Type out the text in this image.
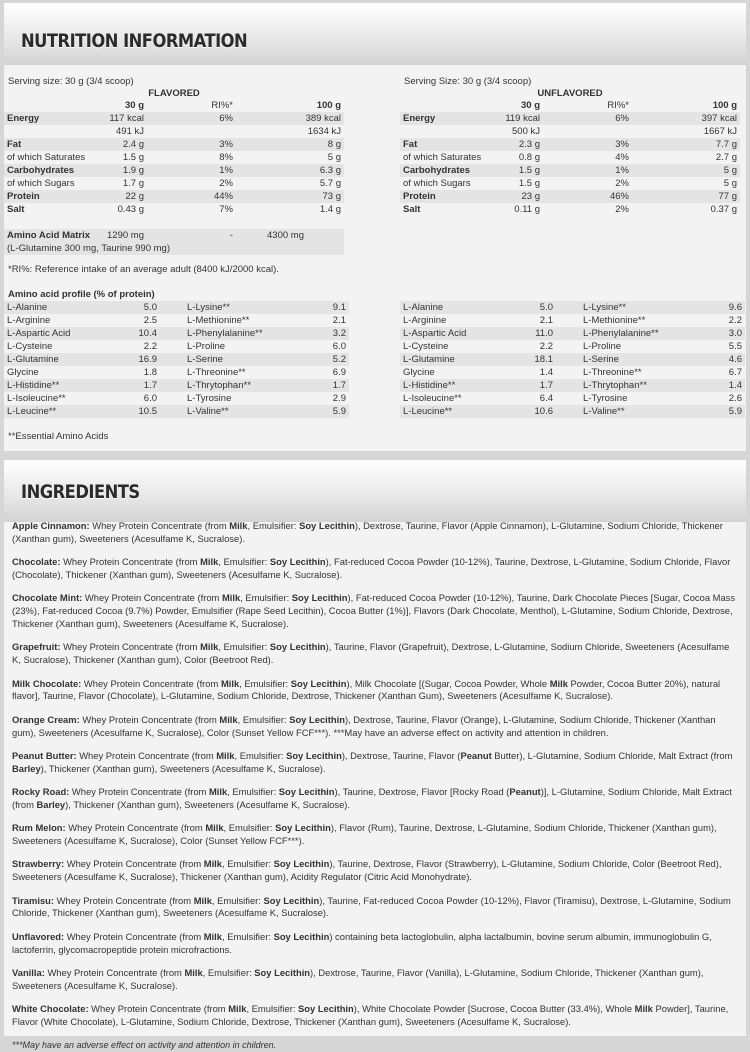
NUTRITION INFORMATION
Serving size: 30 g (3/4 scoop)
FLAVORED
30 g	RI%*	100 g
Energy	117 kcal	6%	389 kcal
491 kJ	1634 kJ
Fat	2.4 g	3%	8 g
of which Saturates	1.5 g	8%	5 g
Carbohydrates	1.9 g	1%	6.3 g
of which Sugars	1.7 g	2%	5.7 g
Protein	22 g	44%	73 g
Salt	0.43 g	7%	1.4 g
Serving Size: 30 g (3/4 scoop)
UNFLAVORED
30 g	RI%*	100 g
Energy	119 kcal	6%	397 kcal
500 kJ	1667 kJ
Fat	2.3 g	3%	7.7 g
of which Saturates	0.8 g	4%	2.7 g
Carbohydrates	1.5 g	1%	5 g
of which Sugars	1.5 g	2%	5 g
Protein	23 g	46%	77 g
Salt	0.11 g	2%	0.37 g
Amino Acid Matrix 1290 mg	-	4300 mg
(L-Glutamine 300 mg, Taurine 990 mg)
*RI%: Reference intake of an average adult (8400 kJ/2000 kcal).
Amino acid profile (% of protein)
L-Alanine	5.0	L-Lysine**	9.1
L-Arginine	2.5	L-Methionine**	2.1
L-Aspartic Acid	10.4	L-Phenylalanine**	3.2
L-Cysteine	2.2	L-Proline	6.0
L-Glutamine	16.9	L-Serine	5.2
Glycine	1.8	L-Threonine**	6.9
L-Histidine**	1.7	L-Thrytophan**	1.7
L-Isoleucine**	6.0	L-Tyrosine	2.9
L-Leucine**	10.5	L-Valine**	5.9
L-Alanine	5.0	L-Lysine**	9.6
L-Arginine	2.1	L-Methionine**	2.2
L-Aspartic Acid	11.0	L-Phenylalanine**	3.0
L-Cysteine	2.2	L-Proline	5.5
L-Glutamine	18.1	L-Serine	4.6
Glycine	1.4	L-Threonine**	6.7
L-Histidine**	1.7	L-Thrytophan**	1.4
L-Isoleucine**	6.4	L-Tyrosine	2.6
L-Leucine**	10.6	L-Valine**	5.9
**Essential Amino Acids
INGREDIENTS
Apple Cinnamon: Whey Protein Concentrate (from Milk, Emulsifier: Soy Lecithin), Dextrose, Taurine, Flavor (Apple Cinnamon), L-Glutamine, Sodium Chloride, Thickener (Xanthan gum), Sweeteners (Acesulfame K, Sucralose).
Chocolate: Whey Protein Concentrate (from Milk, Emulsifier: Soy Lecithin), Fat-reduced Cocoa Powder (10-12%), Taurine, Dextrose, L-Glutamine, Sodium Chloride, Flavor (Chocolate), Thickener (Xanthan gum), Sweeteners (Acesulfame K, Sucralose).
Chocolate Mint: Whey Protein Concentrate (from Milk, Emulsifier: Soy Lecithin), Fat-reduced Cocoa Powder (10-12%), Taurine, Dark Chocolate Pieces [Sugar, Cocoa Mass (23%), Fat-reduced Cocoa (9.7%) Powder, Emulsifier (Rape Seed Lecithin), Cocoa Butter (1%)], Flavors (Dark Chocolate, Menthol), L-Glutamine, Sodium Chloride, Dextrose, Thickener (Xanthan gum), Sweeteners (Acesulfame K, Sucralose).
Grapefruit: Whey Protein Concentrate (from Milk, Emulsifier: Soy Lecithin), Taurine, Flavor (Grapefruit), Dextrose, L-Glutamine, Sodium Chloride, Sweeteners (Acesulfame K, Sucralose), Thickener (Xanthan gum), Color (Beetroot Red).
Milk Chocolate: Whey Protein Concentrate (from Milk, Emulsifier: Soy Lecithin), Milk Chocolate [(Sugar, Cocoa Powder, Whole Milk Powder, Cocoa Butter 20%), natural flavor], Taurine, Flavor (Chocolate), L-Glutamine, Sodium Chloride, Dextrose, Thickener (Xanthan Gum), Sweeteners (Acesulfame K, Sucralose).
Orange Cream: Whey Protein Concentrate (from Milk, Emulsifier: Soy Lecithin), Dextrose, Taurine, Flavor (Orange), L-Glutamine, Sodium Chloride, Thickener (Xanthan gum), Sweeteners (Acesulfame K, Sucralose), Color (Sunset Yellow FCF***). ***May have an adverse effect on activity and attention in children.
Peanut Butter: Whey Protein Concentrate (from Milk, Emulsifier: Soy Lecithin), Dextrose, Taurine, Flavor (Peanut Butter), L-Glutamine, Sodium Chloride, Malt Extract (from Barley), Thickener (Xanthan gum), Sweeteners (Acesulfame K, Sucralose).
Rocky Road: Whey Protein Concentrate (from Milk, Emulsifier: Soy Lecithin), Taurine, Dextrose, Flavor [Rocky Road (Peanut)], L-Glutamine, Sodium Chloride, Malt Extract (from Barley), Thickener (Xanthan gum), Sweeteners (Acesulfame K, Sucralose).
Rum Melon: Whey Protein Concentrate (from Milk, Emulsifier: Soy Lecithin), Flavor (Rum), Taurine, Dextrose, L-Glutamine, Sodium Chloride, Thickener (Xanthan gum), Sweeteners (Acesulfame K, Sucralose), Color (Sunset Yellow FCF***).
Strawberry: Whey Protein Concentrate (from Milk, Emulsifier: Soy Lecithin), Taurine, Dextrose, Flavor (Strawberry), L-Glutamine, Sodium Chloride, Color (Beetroot Red), Sweeteners (Acesulfame K, Sucralose), Thickener (Xanthan gum), Acidity Regulator (Citric Acid Monohydrate).
Tiramisu: Whey Protein Concentrate (from Milk, Emulsifier: Soy Lecithin), Taurine, Fat-reduced Cocoa Powder (10-12%), Flavor (Tiramisu), Dextrose, L-Glutamine, Sodium Chloride, Thickener (Xanthan gum), Sweeteners (Acesulfame K, Sucralose).
Unflavored: Whey Protein Concentrate (from Milk, Emulsifier: Soy Lecithin) containing beta lactoglobulin, alpha lactalbumin, bovine serum albumin, immunoglobulin G, lactoferrin, glycomacropeptide protein microfractions.
Vanilla: Whey Protein Concentrate (from Milk, Emulsifier: Soy Lecithin), Dextrose, Taurine, Flavor (Vanilla), L-Glutamine, Sodium Chloride, Thickener (Xanthan gum), Sweeteners (Acesulfame K, Sucralose).
White Chocolate: Whey Protein Concentrate (from Milk, Emulsifier: Soy Lecithin), White Chocolate Powder [Sucrose, Cocoa Butter (33.4%), Whole Milk Powder], Taurine, Flavor (White Chocolate), L-Glutamine, Sodium Chloride, Dextrose, Thickener (Xanthan gum), Sweeteners (Acesulfame K, Sucralose).
***May have an adverse effect on activity and attention in children.
